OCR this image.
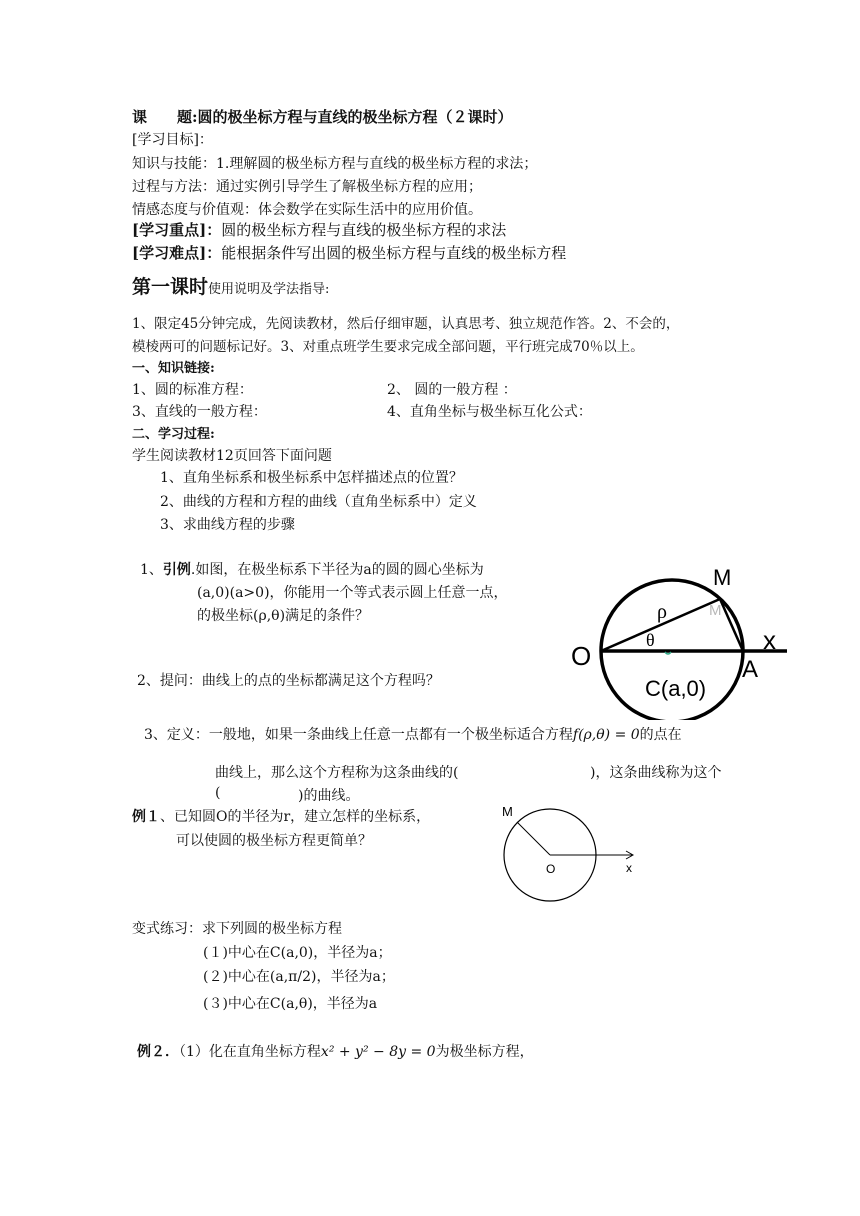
课　　题:圆的极坐标方程与直线的极坐标方程（２课时）
[学习目标]：
知识与技能：1.理解圆的极坐标方程与直线的极坐标方程的求法；
过程与方法：通过实例引导学生了解极坐标方程的应用；
情感态度与价值观：体会数学在实际生活中的应用价值。
[学习重点]：圆的极坐标方程与直线的极坐标方程的求法
[学习难点]：能根据条件写出圆的极坐标方程与直线的极坐标方程
第一课时使用说明及学法指导:
1、限定45分钟完成，先阅读教材，然后仔细审题，认真思考、独立规范作答。2、不会的，
模棱两可的问题标记好。3、对重点班学生要求完成全部问题，平行班完成70％以上。
一、知识链接:
1、圆的标准方程：	2、 圆的一般方程 ：
3、直线的一般方程：	4、直角坐标与极坐标互化公式：
二、学习过程:
学生阅读教材12页回答下面问题
1、直角坐标系和极坐标系中怎样描述点的位置？
2、曲线的方程和方程的曲线（直角坐标系中）定义
3、求曲线方程的步骤
1、引例.如图，在极坐标系下半径为a的圆的圆心坐标为
(a,0)(a>0)，你能用一个等式表示圆上任意一点，
的极坐标(ρ,θ)满足的条件？
M
M
ρ
θ	x
O	A
C(a,0)
2、提问：曲线上的点的坐标都满足这个方程吗？
3、定义：一般地，如果一条曲线上任意一点都有一个极坐标适合方程f(ρ,θ) = 0的点在
曲线上，那么这个方程称为这条曲线的(	)，这条曲线称为这个
(	)的曲线。
例１、已知圆O的半径为r，建立怎样的坐标系，
可以使圆的极坐标方程更简单？
M
O	x
变式练习：求下列圆的极坐标方程
(１)中心在C(a,0)，半径为a；
(２)中心在(a,π/2)，半径为a；
(３)中心在C(a,θ)，半径为a
例２．（1）化在直角坐标方程x² + y² − 8y = 0为极坐标方程，
